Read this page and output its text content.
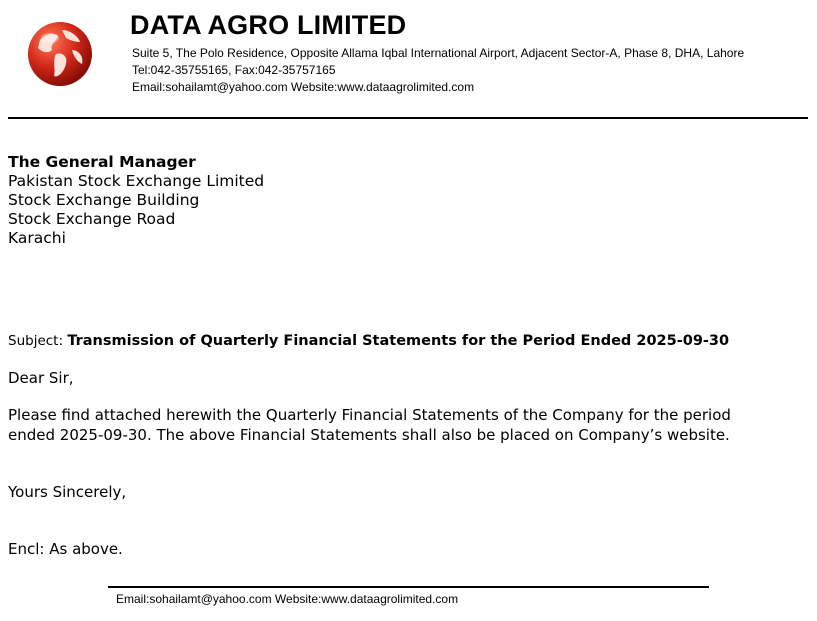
DATA AGRO LIMITED
Suite 5, The Polo Residence, Opposite Allama Iqbal International Airport, Adjacent Sector-A, Phase 8, DHA, Lahore
Tel:042-35755165, Fax:042-35757165
Email:sohailamt@yahoo.com Website:www.dataagrolimited.com
The General Manager
Pakistan Stock Exchange Limited
Stock Exchange Building
Stock Exchange Road
Karachi
Subject: Transmission of Quarterly Financial Statements for the Period Ended 2025-09-30
Dear Sir,
Please find attached herewith the Quarterly Financial Statements of the Company for the period
ended 2025-09-30. The above Financial Statements shall also be placed on Company’s website.
Yours Sincerely,
Encl: As above.
Email:sohailamt@yahoo.com Website:www.dataagrolimited.com
